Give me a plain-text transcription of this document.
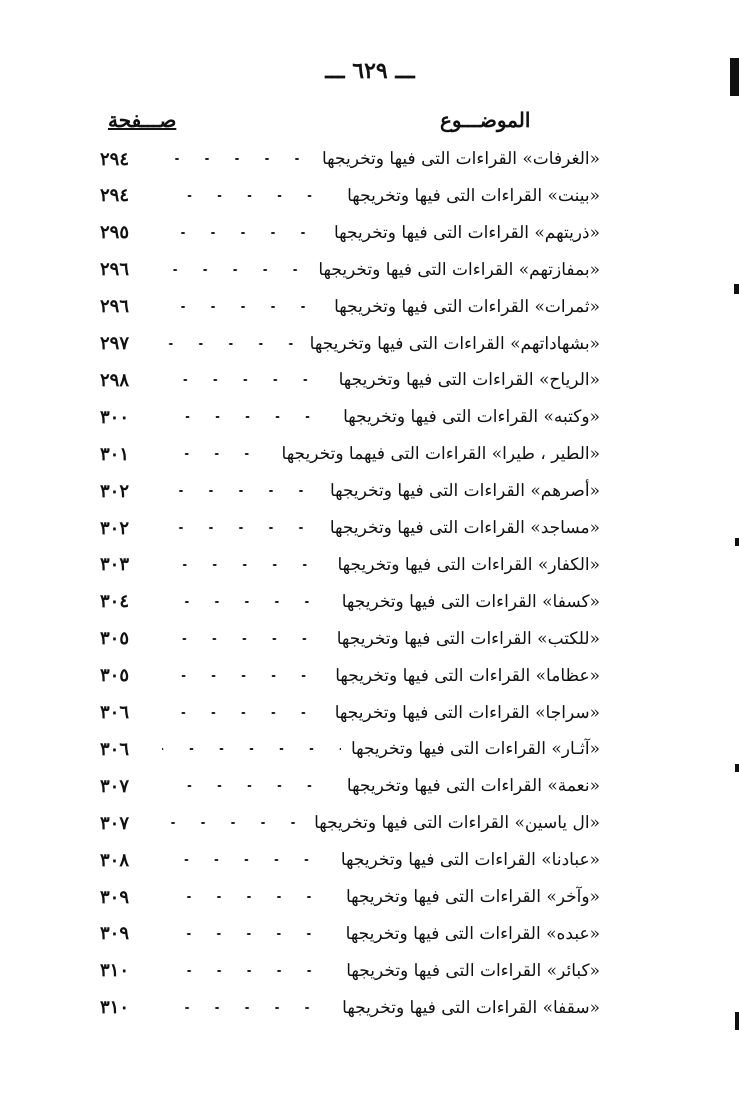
ـــ ٦٢٩ ـــ
الموضـــوع
صـــفحة
«الغرفات» القراءات التى فيها وتخريجها
٢٩٤
«بينت» القراءات التى فيها وتخريجها
٢٩٤
«ذريتهم» القراءات التى فيها وتخريجها
٢٩٥
«بمفازتهم» القراءات التى فيها وتخريجها
٢٩٦
«ثمرات» القراءات التى فيها وتخريجها
٢٩٦
«بشهاداتهم» القراءات التى فيها وتخريجها
٢٩٧
«الرياح» القراءات التى فيها وتخريجها
٢٩٨
«وكتبه» القراءات التى فيها وتخريجها
٣٠٠
«الطير ، طيرا» القراءات التى فيهما وتخريجها
٣٠١
«أصرهم» القراءات التى فيها وتخريجها
٣٠٢
«مساجد» القراءات التى فيها وتخريجها
٣٠٢
«الكفار» القراءات التى فيها وتخريجها
٣٠٣
«كسفا» القراءات التى فيها وتخريجها
٣٠٤
«للكتب» القراءات التى فيها وتخريجها
٣٠٥
«عظاما» القراءات التى فيها وتخريجها
٣٠٥
«سراجا» القراءات التى فيها وتخريجها
٣٠٦
«آثـار» القراءات التى فيها وتخريجها
٣٠٦
«نعمة» القراءات التى فيها وتخريجها
٣٠٧
«ال ياسين» القراءات التى فيها وتخريجها
٣٠٧
«عبادنا» القراءات التى فيها وتخريجها
٣٠٨
«وآخر» القراءات التى فيها وتخريجها
٣٠٩
«عبده» القراءات التى فيها وتخريجها
٣٠٩
«كبائر» القراءات التى فيها وتخريجها
٣١٠
«سقفا» القراءات التى فيها وتخريجها
٣١٠
